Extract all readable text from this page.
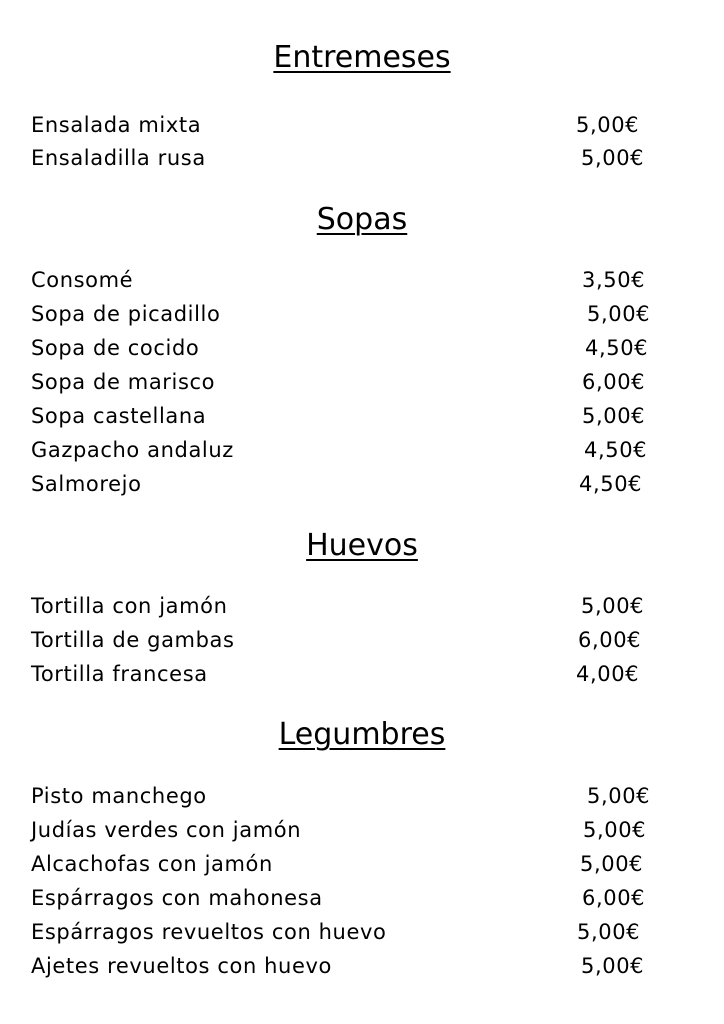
Entremeses
Ensalada mixta	5,00€
Ensaladilla rusa	5,00€
Sopas
Consomé	3,50€
Sopa de picadillo	5,00€
Sopa de cocido	4,50€
Sopa de marisco	6,00€
Sopa castellana	5,00€
Gazpacho andaluz	4,50€
Salmorejo	4,50€
Huevos
Tortilla con jamón	5,00€
Tortilla de gambas	6,00€
Tortilla francesa	4,00€
Legumbres
Pisto manchego	5,00€
Judías verdes con jamón	5,00€
Alcachofas con jamón	5,00€
Espárragos con mahonesa	6,00€
Espárragos revueltos con huevo	5,00€
Ajetes revueltos con huevo	5,00€
